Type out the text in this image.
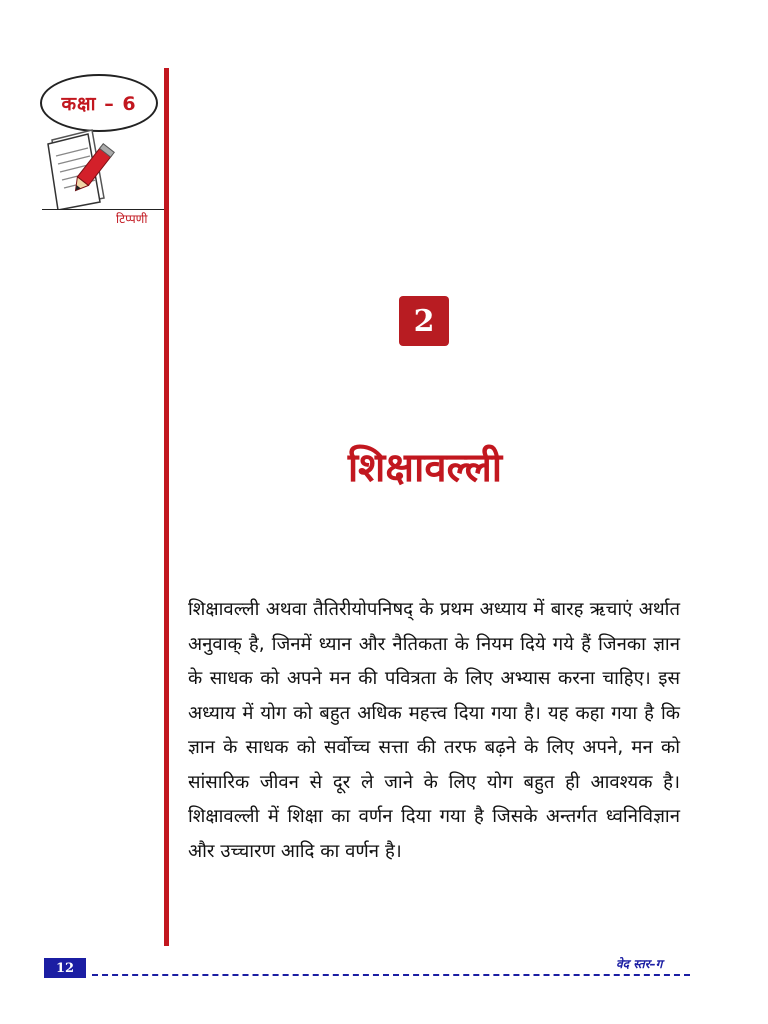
कक्षा – 6
टिप्पणी
2
शिक्षावल्ली

शिक्षावल्ली अथवा तैतिरीयोपनिषद् के प्रथम अध्याय में बारह ऋचाएं अर्थात अनुवाक् है, जिनमें ध्यान और नैतिकता के नियम दिये गये हैं जिनका ज्ञान के साधक को अपने मन की पवित्रता के लिए अभ्यास करना चाहिए। इस अध्याय में योग को बहुत अधिक महत्त्व दिया गया है। यह कहा गया है कि ज्ञान के साधक को सर्वोच्च सत्ता की तरफ बढ़ने के लिए अपने, मन को सांसारिक जीवन से दूर ले जाने के लिए योग बहुत ही आवश्यक है। शिक्षावल्ली में शिक्षा का वर्णन दिया गया है जिसके अन्तर्गत ध्वनिविज्ञान और उच्चारण आदि का वर्णन है।

12	वेद स्तर–ग
